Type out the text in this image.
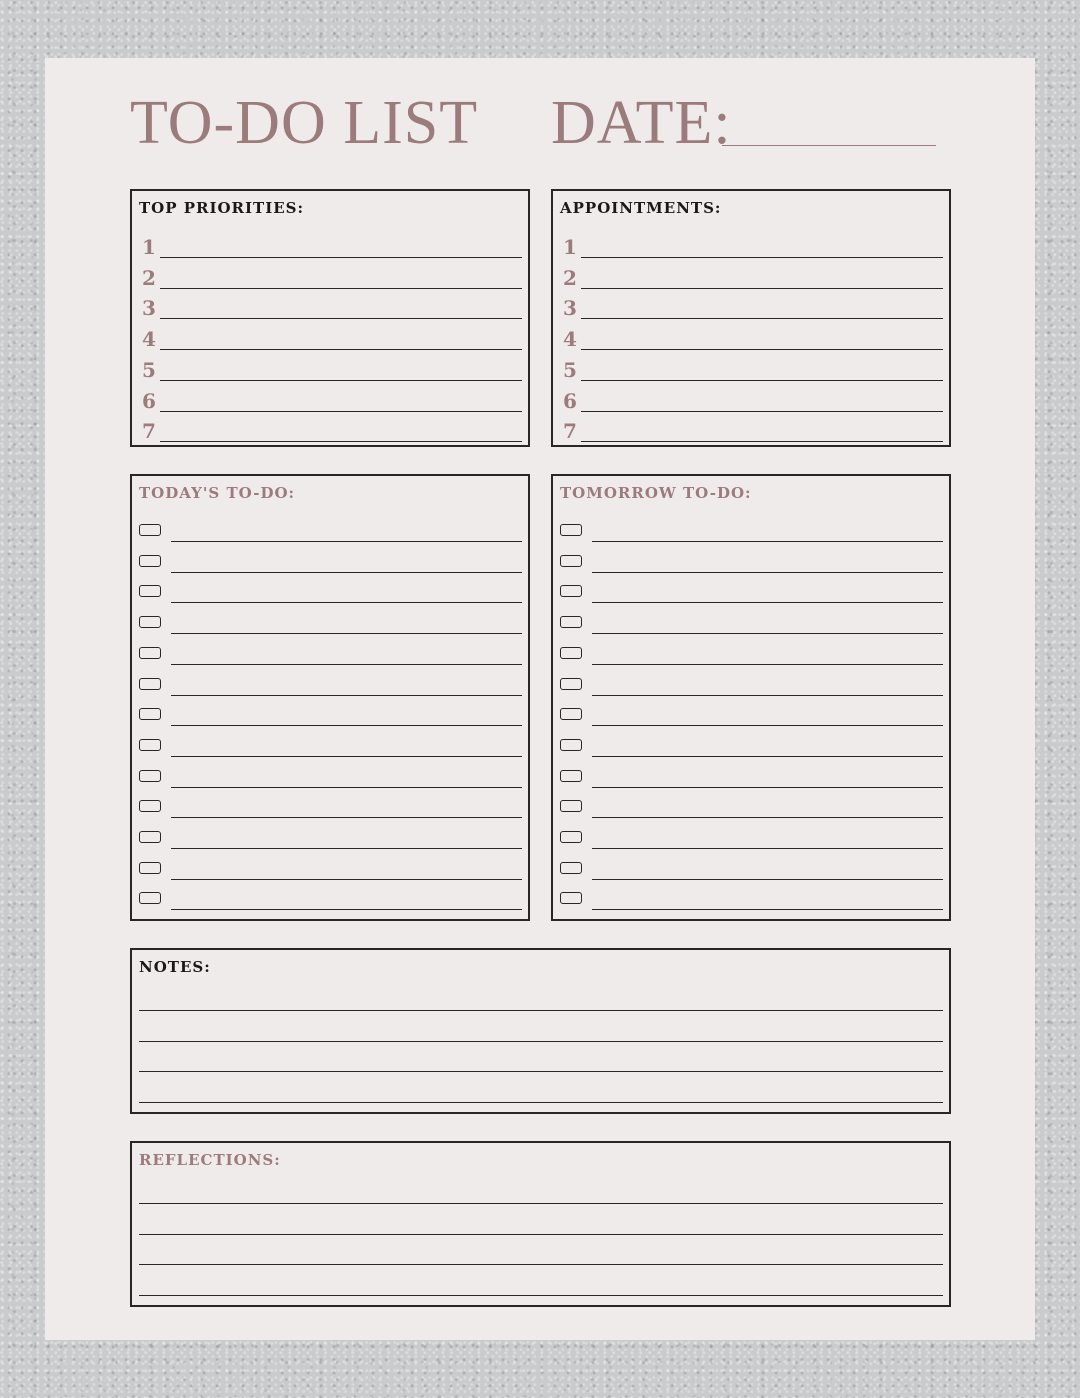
TO-DO LIST DATE:
TOP PRIORITIES:
1
2
3
4
5
6
7
APPOINTMENTS:
1
2
3
4
5
6
7
TODAY'S TO-DO:	TOMORROW TO-DO:
NOTES:
REFLECTIONS:
